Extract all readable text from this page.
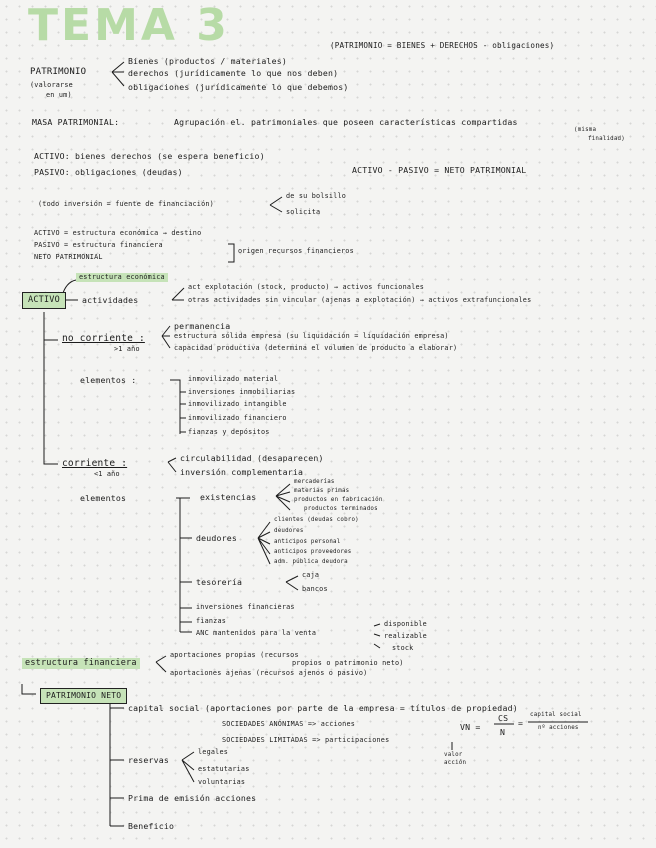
TEMA 3	(PATRIMONIO = BIENES + DERECHOS - obligaciones)
PATRIMONIO
(valorarse
en um)
Bienes (productos / materiales)
derechos (jurídicamente lo que nos deben)
obligaciones (jurídicamente lo que debemos)
MASA PATRIMONIAL:	Agrupación el. patrimoniales que poseen características compartidas
(misma
finalidad)
ACTIVO: bienes derechos (se espera beneficio)
PASIVO: obligaciones (deudas)	ACTIVO - PASIVO = NETO PATRIMONIAL
(todo inversión = fuente de financiación)
de su bolsillo
solicita
ACTIVO = estructura económica → destino
PASIVO = estructura financiera
NETO PATRIMONIAL
origen recursos financieros
estructura económica
ACTIVO	actividades
act explotación (stock, producto) → activos funcionales
otras actividades sin vincular (ajenas a explotación) → activos extrafuncionales
no corriente :
>1 año
permanencia
estructura sólida empresa (su liquidación = liquidación empresa)
capacidad productiva (determina el volumen de producto a elaborar)
elementos :	inmovilizado material
inversiones inmobiliarias
inmovilizado intangible
inmovilizado financiero
fianzas y depósitos
corriente :
<1 año
circulabilidad (desaparecen)
inversión complementaria
elementos	existencias
mercaderías
materias primas
productos en fabricación
productos terminados
deudores
clientes (deudas cobro)
deudores
anticipos personal
anticipos proveedores
adm. pública deudora
tesorería
caja
bancos
inversiones financieras
fianzas
ANC mantenidos para la venta
disponible
realizable
stock
estructura financiera
aportaciones propias (recursos
propios o patrimonio neto)
aportaciones ajenas (recursos ajenos o pasivo)
PATRIMONIO NETO
capital social (aportaciones por parte de la empresa = títulos de propiedad)
SOCIEDADES ANÓNIMAS => acciones
SOCIEDADES LIMITADAS => participaciones
VN =
CS
N
=
capital social
nº acciones
valor
acción
reservas
legales
estatutarias
voluntarias
Prima de emisión acciones
Beneficio
